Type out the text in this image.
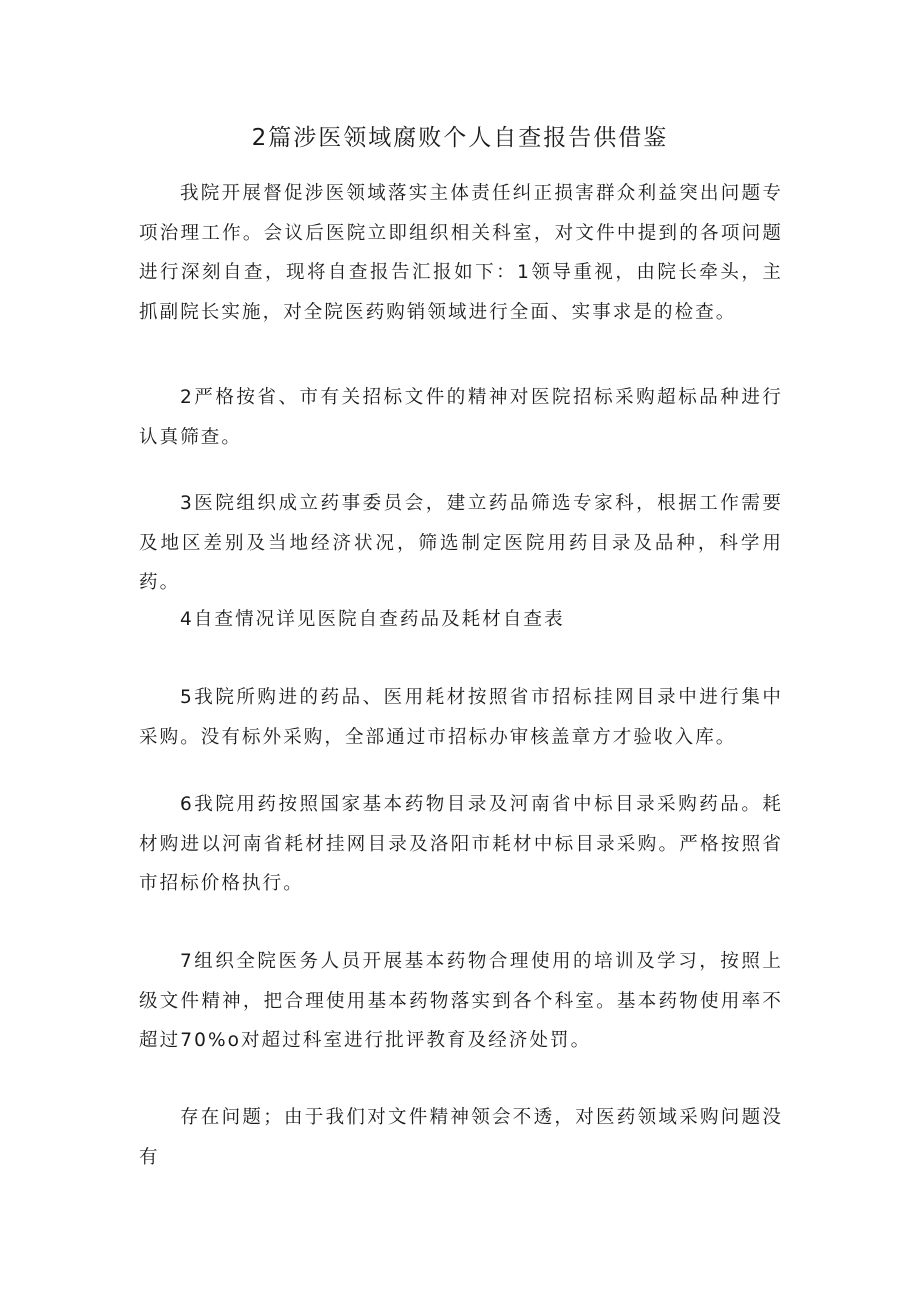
2篇涉医领域腐败个人自查报告供借鉴

我院开展督促涉医领域落实主体责任纠正损害群众利益突出问题专项治理工作。会议后医院立即组织相关科室，对文件中提到的各项问题进行深刻自查，现将自查报告汇报如下：1领导重视，由院长牵头，主抓副院长实施，对全院医药购销领域进行全面、实事求是的检查。

2严格按省、市有关招标文件的精神对医院招标采购超标品种进行认真筛查。

3医院组织成立药事委员会，建立药品筛选专家科，根据工作需要及地区差别及当地经济状况，筛选制定医院用药目录及品种，科学用药。

4自查情况详见医院自查药品及耗材自查表

5我院所购进的药品、医用耗材按照省市招标挂网目录中进行集中采购。没有标外采购，全部通过市招标办审核盖章方才验收入库。

6我院用药按照国家基本药物目录及河南省中标目录采购药品。耗材购进以河南省耗材挂网目录及洛阳市耗材中标目录采购。严格按照省市招标价格执行。

7组织全院医务人员开展基本药物合理使用的培训及学习，按照上级文件精神，把合理使用基本药物落实到各个科室。基本药物使用率不超过70%o对超过科室进行批评教育及经济处罚。

存在问题；由于我们对文件精神领会不透，对医药领域采购问题没有
